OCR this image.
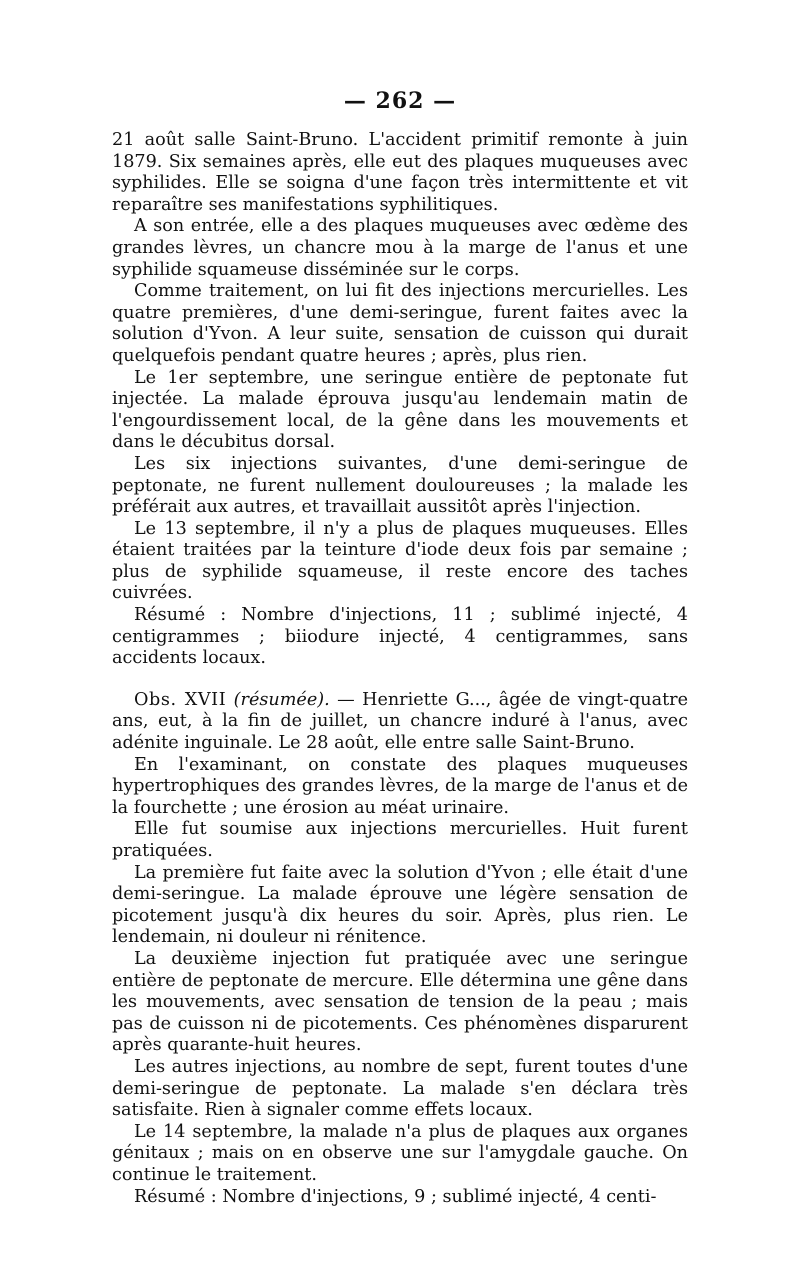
— 262 —

21 août salle Saint-Bruno. L'accident primitif remonte à juin 1879. Six semaines après, elle eut des plaques muqueuses avec syphilides. Elle se soigna d'une façon très intermittente et vit reparaître ses manifestations syphilitiques.

A son entrée, elle a des plaques muqueuses avec œdème des grandes lèvres, un chancre mou à la marge de l'anus et une syphilide squameuse disséminée sur le corps.

Comme traitement, on lui fit des injections mercurielles. Les quatre premières, d'une demi-seringue, furent faites avec la solution d'Yvon. A leur suite, sensation de cuisson qui durait quelquefois pendant quatre heures ; après, plus rien.

Le 1er septembre, une seringue entière de peptonate fut injectée. La malade éprouva jusqu'au lendemain matin de l'engourdissement local, de la gêne dans les mouvements et dans le décubitus dorsal.

Les six injections suivantes, d'une demi-seringue de peptonate, ne furent nullement douloureuses ; la malade les préférait aux autres, et travaillait aussitôt après l'injection.

Le 13 septembre, il n'y a plus de plaques muqueuses. Elles étaient traitées par la teinture d'iode deux fois par semaine ; plus de syphilide squameuse, il reste encore des taches cuivrées.

Résumé : Nombre d'injections, 11 ; sublimé injecté, 4 centigrammes ; biiodure injecté, 4 centigrammes, sans accidents locaux.

Obs. XVII (résumée). — Henriette G..., âgée de vingt-quatre ans, eut, à la fin de juillet, un chancre induré à l'anus, avec adénite inguinale. Le 28 août, elle entre salle Saint-Bruno.

En l'examinant, on constate des plaques muqueuses hypertrophiques des grandes lèvres, de la marge de l'anus et de la fourchette ; une érosion au méat urinaire.

Elle fut soumise aux injections mercurielles. Huit furent pratiquées.

La première fut faite avec la solution d'Yvon ; elle était d'une demi-seringue. La malade éprouve une légère sensation de picotement jusqu'à dix heures du soir. Après, plus rien. Le lendemain, ni douleur ni rénitence.

La deuxième injection fut pratiquée avec une seringue entière de peptonate de mercure. Elle détermina une gêne dans les mouvements, avec sensation de tension de la peau ; mais pas de cuisson ni de picotements. Ces phénomènes disparurent après quarante-huit heures.

Les autres injections, au nombre de sept, furent toutes d'une demi-seringue de peptonate. La malade s'en déclara très satisfaite. Rien à signaler comme effets locaux.

Le 14 septembre, la malade n'a plus de plaques aux organes génitaux ; mais on en observe une sur l'amygdale gauche. On continue le traitement.

Résumé : Nombre d'injections, 9 ; sublimé injecté, 4 centi-
